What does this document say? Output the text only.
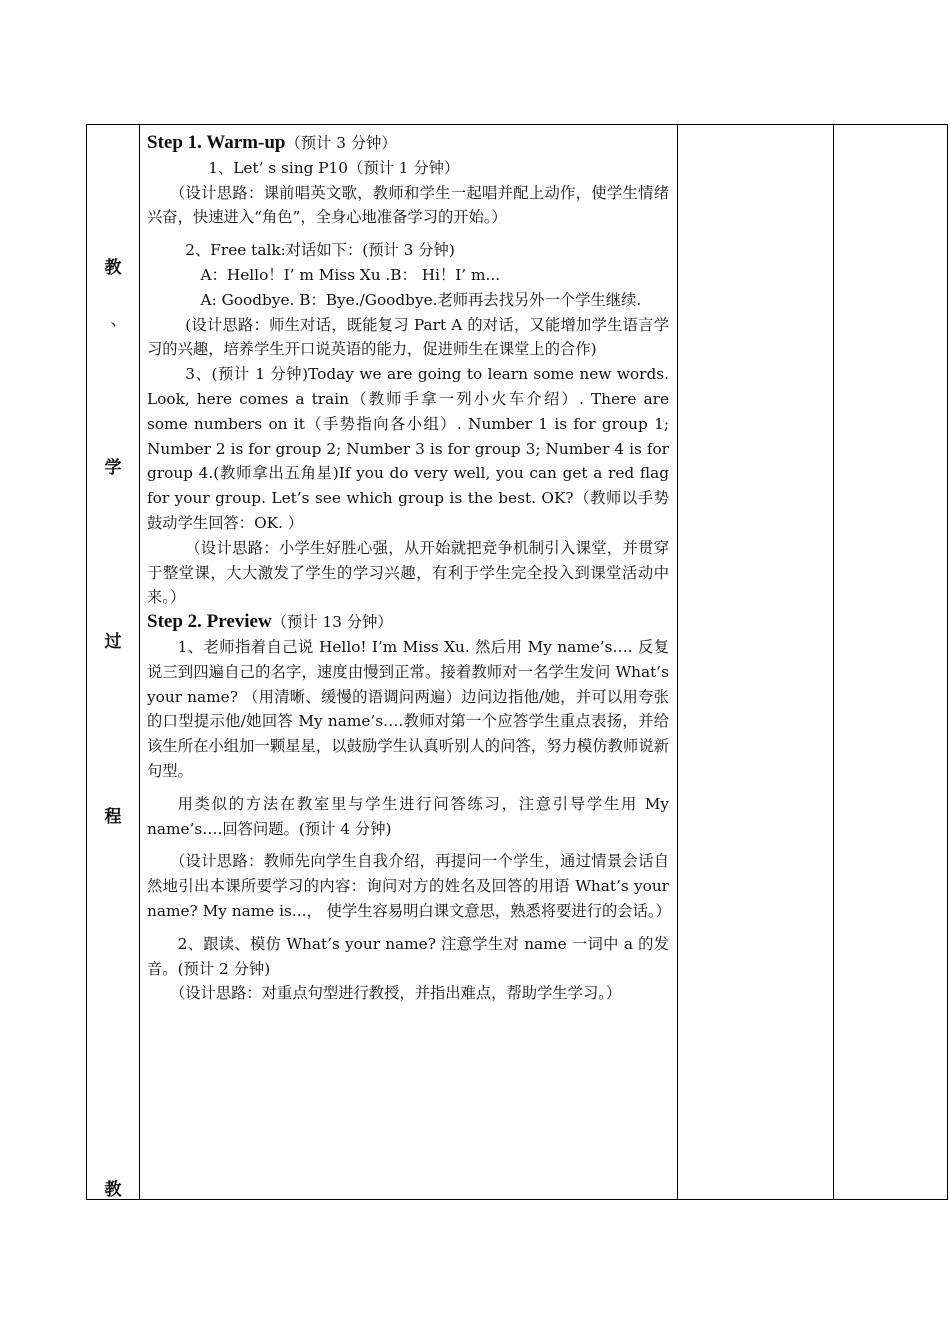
教
、
学
过
程
教

Step 1. Warm-up（预计 3 分钟）

1、Let’ s sing P10（预计 1 分钟）

（设计思路：课前唱英文歌，教师和学生一起唱并配上动作，使学生情绪兴奋，快速进入“角色”，全身心地准备学习的开始。）

2、Free talk:对话如下：(预计 3 分钟)

A：Hello！I’ m Miss Xu .B： Hi！I’ m...

A: Goodbye. B：Bye./Goodbye.老师再去找另外一个学生继续.

(设计思路：师生对话，既能复习 Part A 的对话，又能增加学生语言学习的兴趣，培养学生开口说英语的能力，促进师生在课堂上的合作)

3、(预计 1 分钟)Today we are going to learn some new words. Look, here comes a train（教师手拿一列小火车介绍）. There are some numbers on it（手势指向各小组）. Number 1 is for group 1; Number 2 is for group 2; Number 3 is for group 3; Number 4 is for group 4.(教师拿出五角星)If you do very well, you can get a red flag for your group. Let’s see which group is the best. OK?（教师以手势鼓动学生回答：OK. ）

（设计思路：小学生好胜心强，从开始就把竞争机制引入课堂，并贯穿于整堂课，大大激发了学生的学习兴趣，有利于学生完全投入到课堂活动中来。）

Step 2. Preview（预计 13 分钟）

1、老师指着自己说 Hello! I’m Miss Xu. 然后用 My name’s…. 反复说三到四遍自己的名字，速度由慢到正常。接着教师对一名学生发问 What’s your name? （用清晰、缓慢的语调问两遍）边问边指他/她，并可以用夸张的口型提示他/她回答 My name’s….教师对第一个应答学生重点表扬，并给该生所在小组加一颗星星，以鼓励学生认真听别人的问答，努力模仿教师说新句型。

用类似的方法在教室里与学生进行问答练习，注意引导学生用 My name’s….回答问题。(预计 4 分钟)

（设计思路：教师先向学生自我介绍，再提问一个学生，通过情景会话自然地引出本课所要学习的内容：询问对方的姓名及回答的用语 What’s your name? My name is...， 使学生容易明白课文意思，熟悉将要进行的会话。）

2、跟读、模仿 What’s your name? 注意学生对 name 一词中 a 的发音。(预计 2 分钟)

（设计思路：对重点句型进行教授，并指出难点，帮助学生学习。）
